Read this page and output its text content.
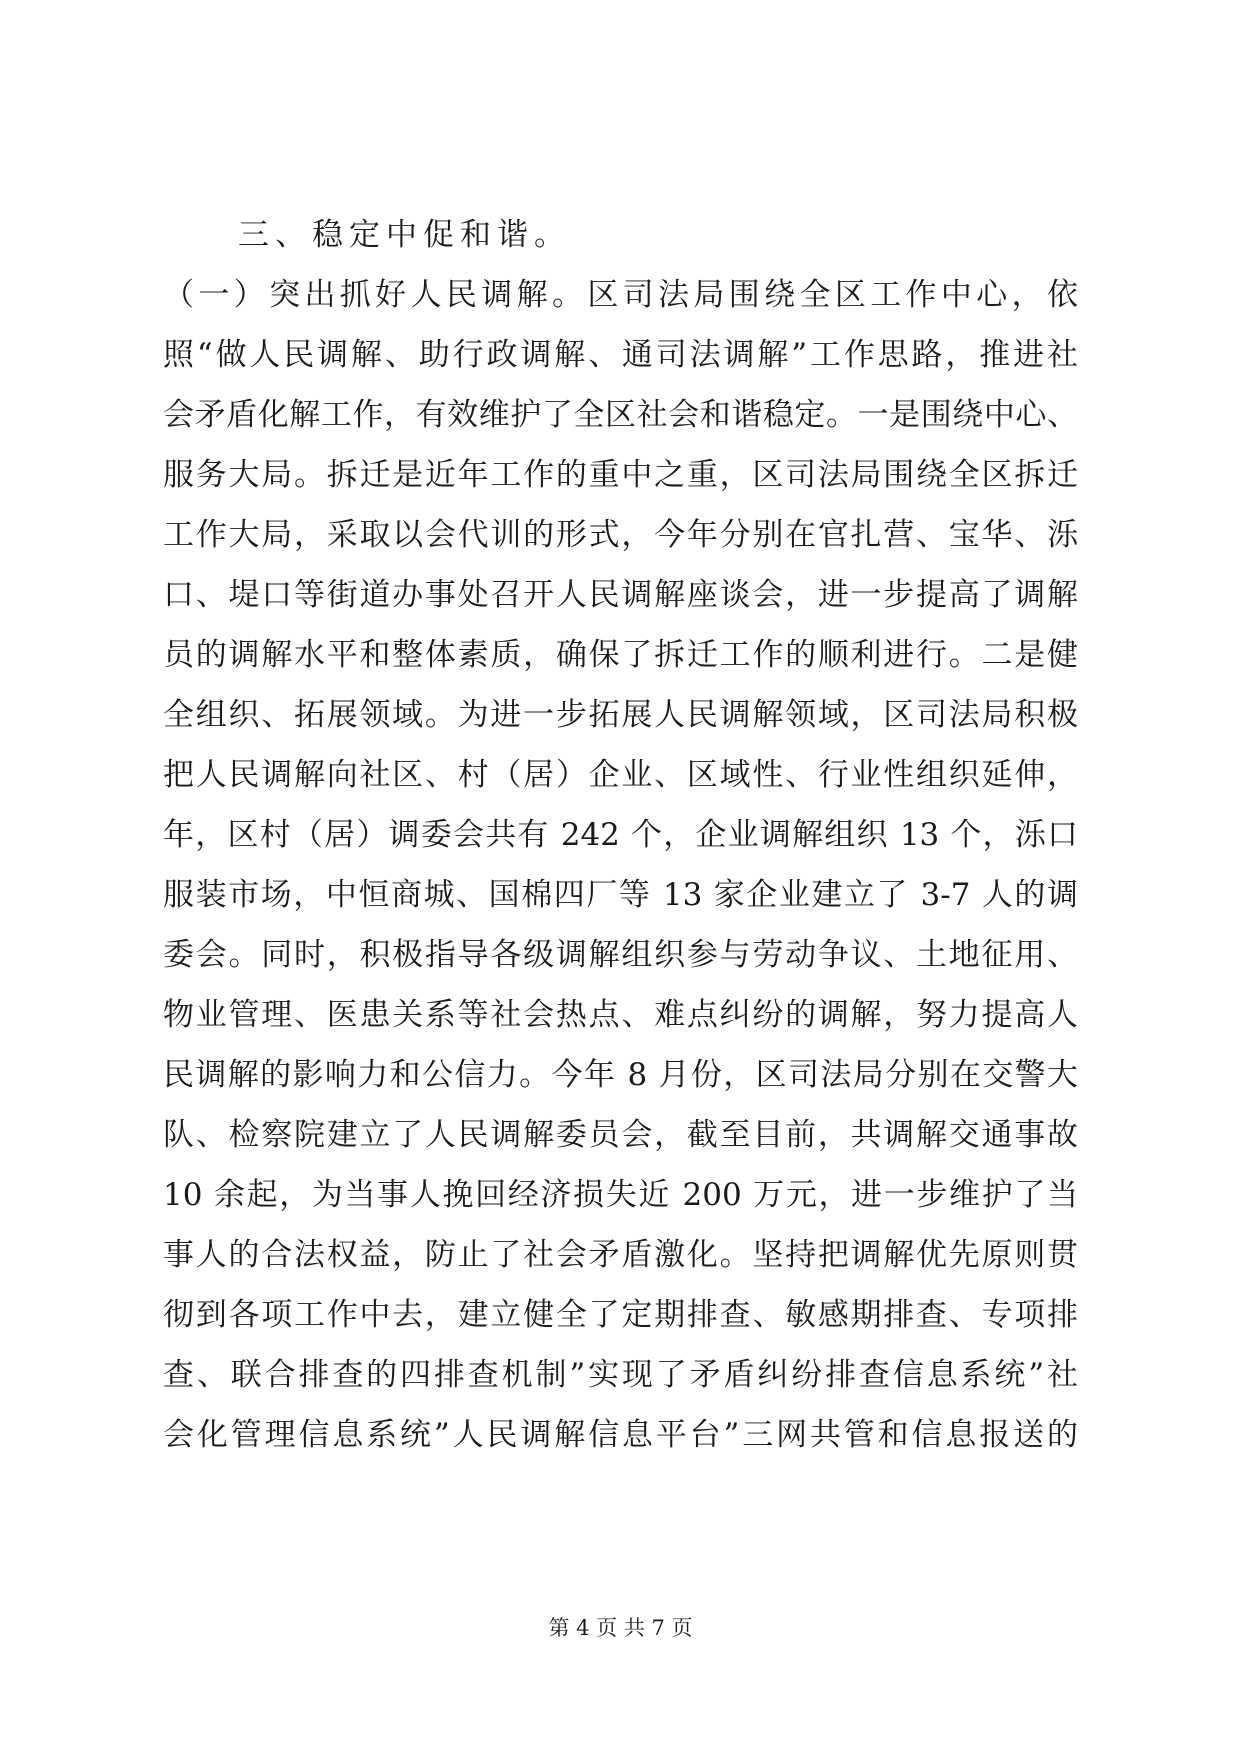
三、稳定中促和谐。
（一）突出抓好人民调解。区司法局围绕全区工作中心，依
照“做人民调解、助行政调解、通司法调解”工作思路，推进社
会矛盾化解工作，有效维护了全区社会和谐稳定。一是围绕中心、
服务大局。拆迁是近年工作的重中之重，区司法局围绕全区拆迁
工作大局，采取以会代训的形式，今年分别在官扎营、宝华、泺
口、堤口等街道办事处召开人民调解座谈会，进一步提高了调解
员的调解水平和整体素质，确保了拆迁工作的顺利进行。二是健
全组织、拓展领域。为进一步拓展人民调解领域，区司法局积极
把人民调解向社区、村（居）企业、区域性、行业性组织延伸，
年，区村（居）调委会共有 242 个，企业调解组织 13 个，泺口
服装市场，中恒商城、国棉四厂等 13 家企业建立了 3-7 人的调
委会。同时，积极指导各级调解组织参与劳动争议、土地征用、
物业管理、医患关系等社会热点、难点纠纷的调解，努力提高人
民调解的影响力和公信力。今年 8 月份，区司法局分别在交警大
队、检察院建立了人民调解委员会，截至目前，共调解交通事故
10 余起，为当事人挽回经济损失近 200 万元，进一步维护了当
事人的合法权益，防止了社会矛盾激化。坚持把调解优先原则贯
彻到各项工作中去，建立健全了定期排查、敏感期排查、专项排
查、联合排查的四排查机制”实现了矛盾纠纷排查信息系统”社
会化管理信息系统”人民调解信息平台”三网共管和信息报送的
第 4 页 共 7 页
